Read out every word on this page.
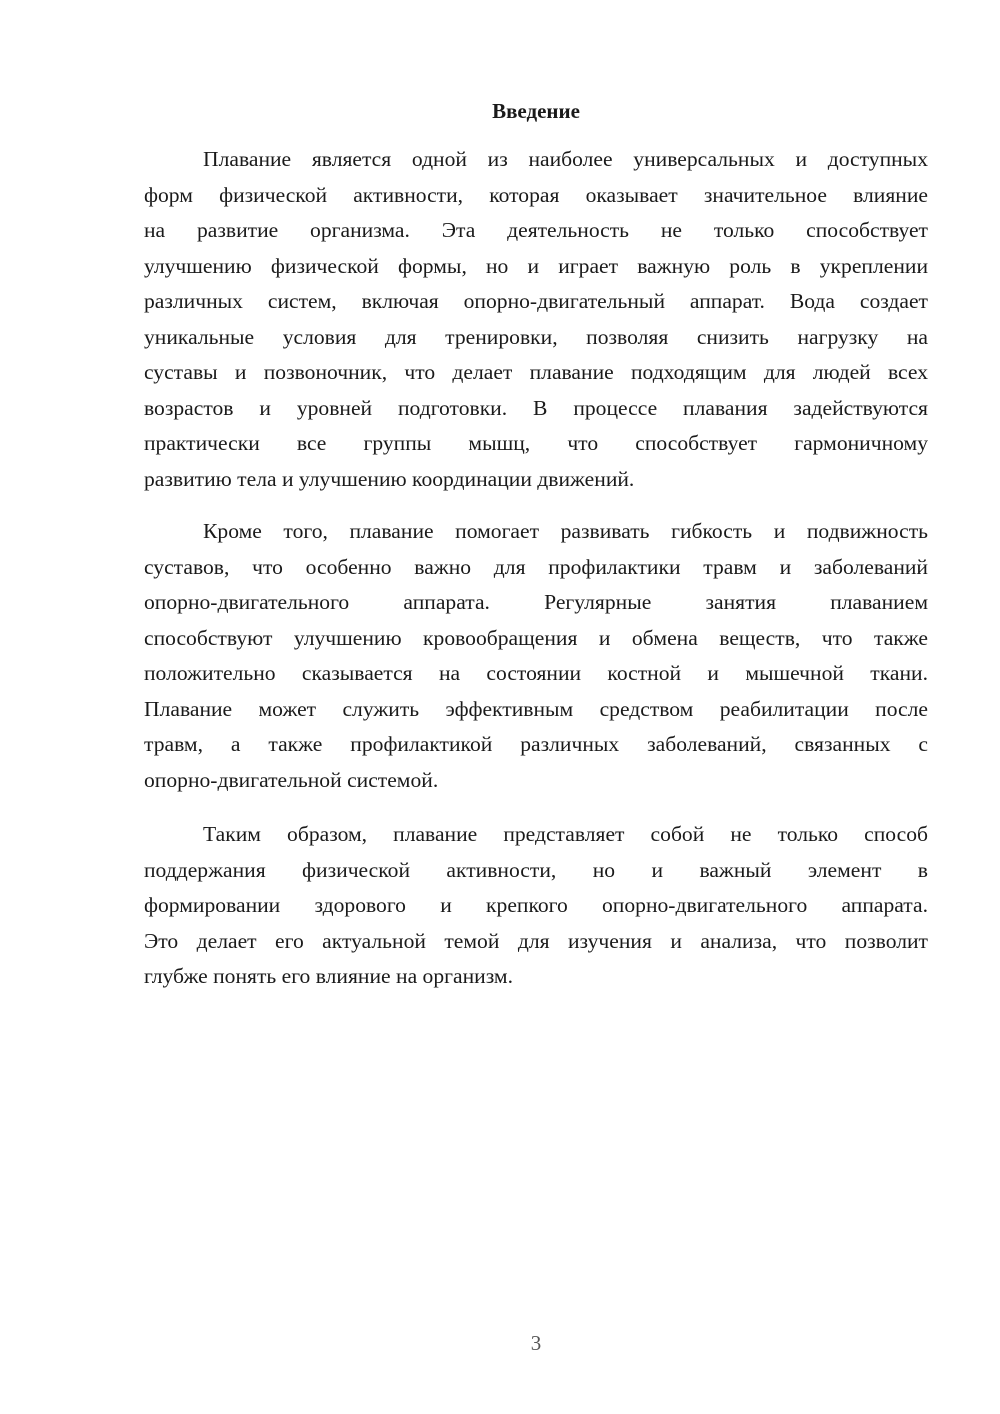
Введение
Плавание является одной из наиболее универсальных и доступных
форм физической активности, которая оказывает значительное влияние
на развитие организма. Эта деятельность не только способствует
улучшению физической формы, но и играет важную роль в укреплении
различных систем, включая опорно-двигательный аппарат. Вода создает
уникальные условия для тренировки, позволяя снизить нагрузку на
суставы и позвоночник, что делает плавание подходящим для людей всех
возрастов и уровней подготовки. В процессе плавания задействуются
практически все группы мышц, что способствует гармоничному
развитию тела и улучшению координации движений.
Кроме того, плавание помогает развивать гибкость и подвижность
суставов, что особенно важно для профилактики травм и заболеваний
опорно-двигательного аппарата. Регулярные занятия плаванием
способствуют улучшению кровообращения и обмена веществ, что также
положительно сказывается на состоянии костной и мышечной ткани.
Плавание может служить эффективным средством реабилитации после
травм, а также профилактикой различных заболеваний, связанных с
опорно-двигательной системой.
Таким образом, плавание представляет собой не только способ
поддержания физической активности, но и важный элемент в
формировании здорового и крепкого опорно-двигательного аппарата.
Это делает его актуальной темой для изучения и анализа, что позволит
глубже понять его влияние на организм.
3
